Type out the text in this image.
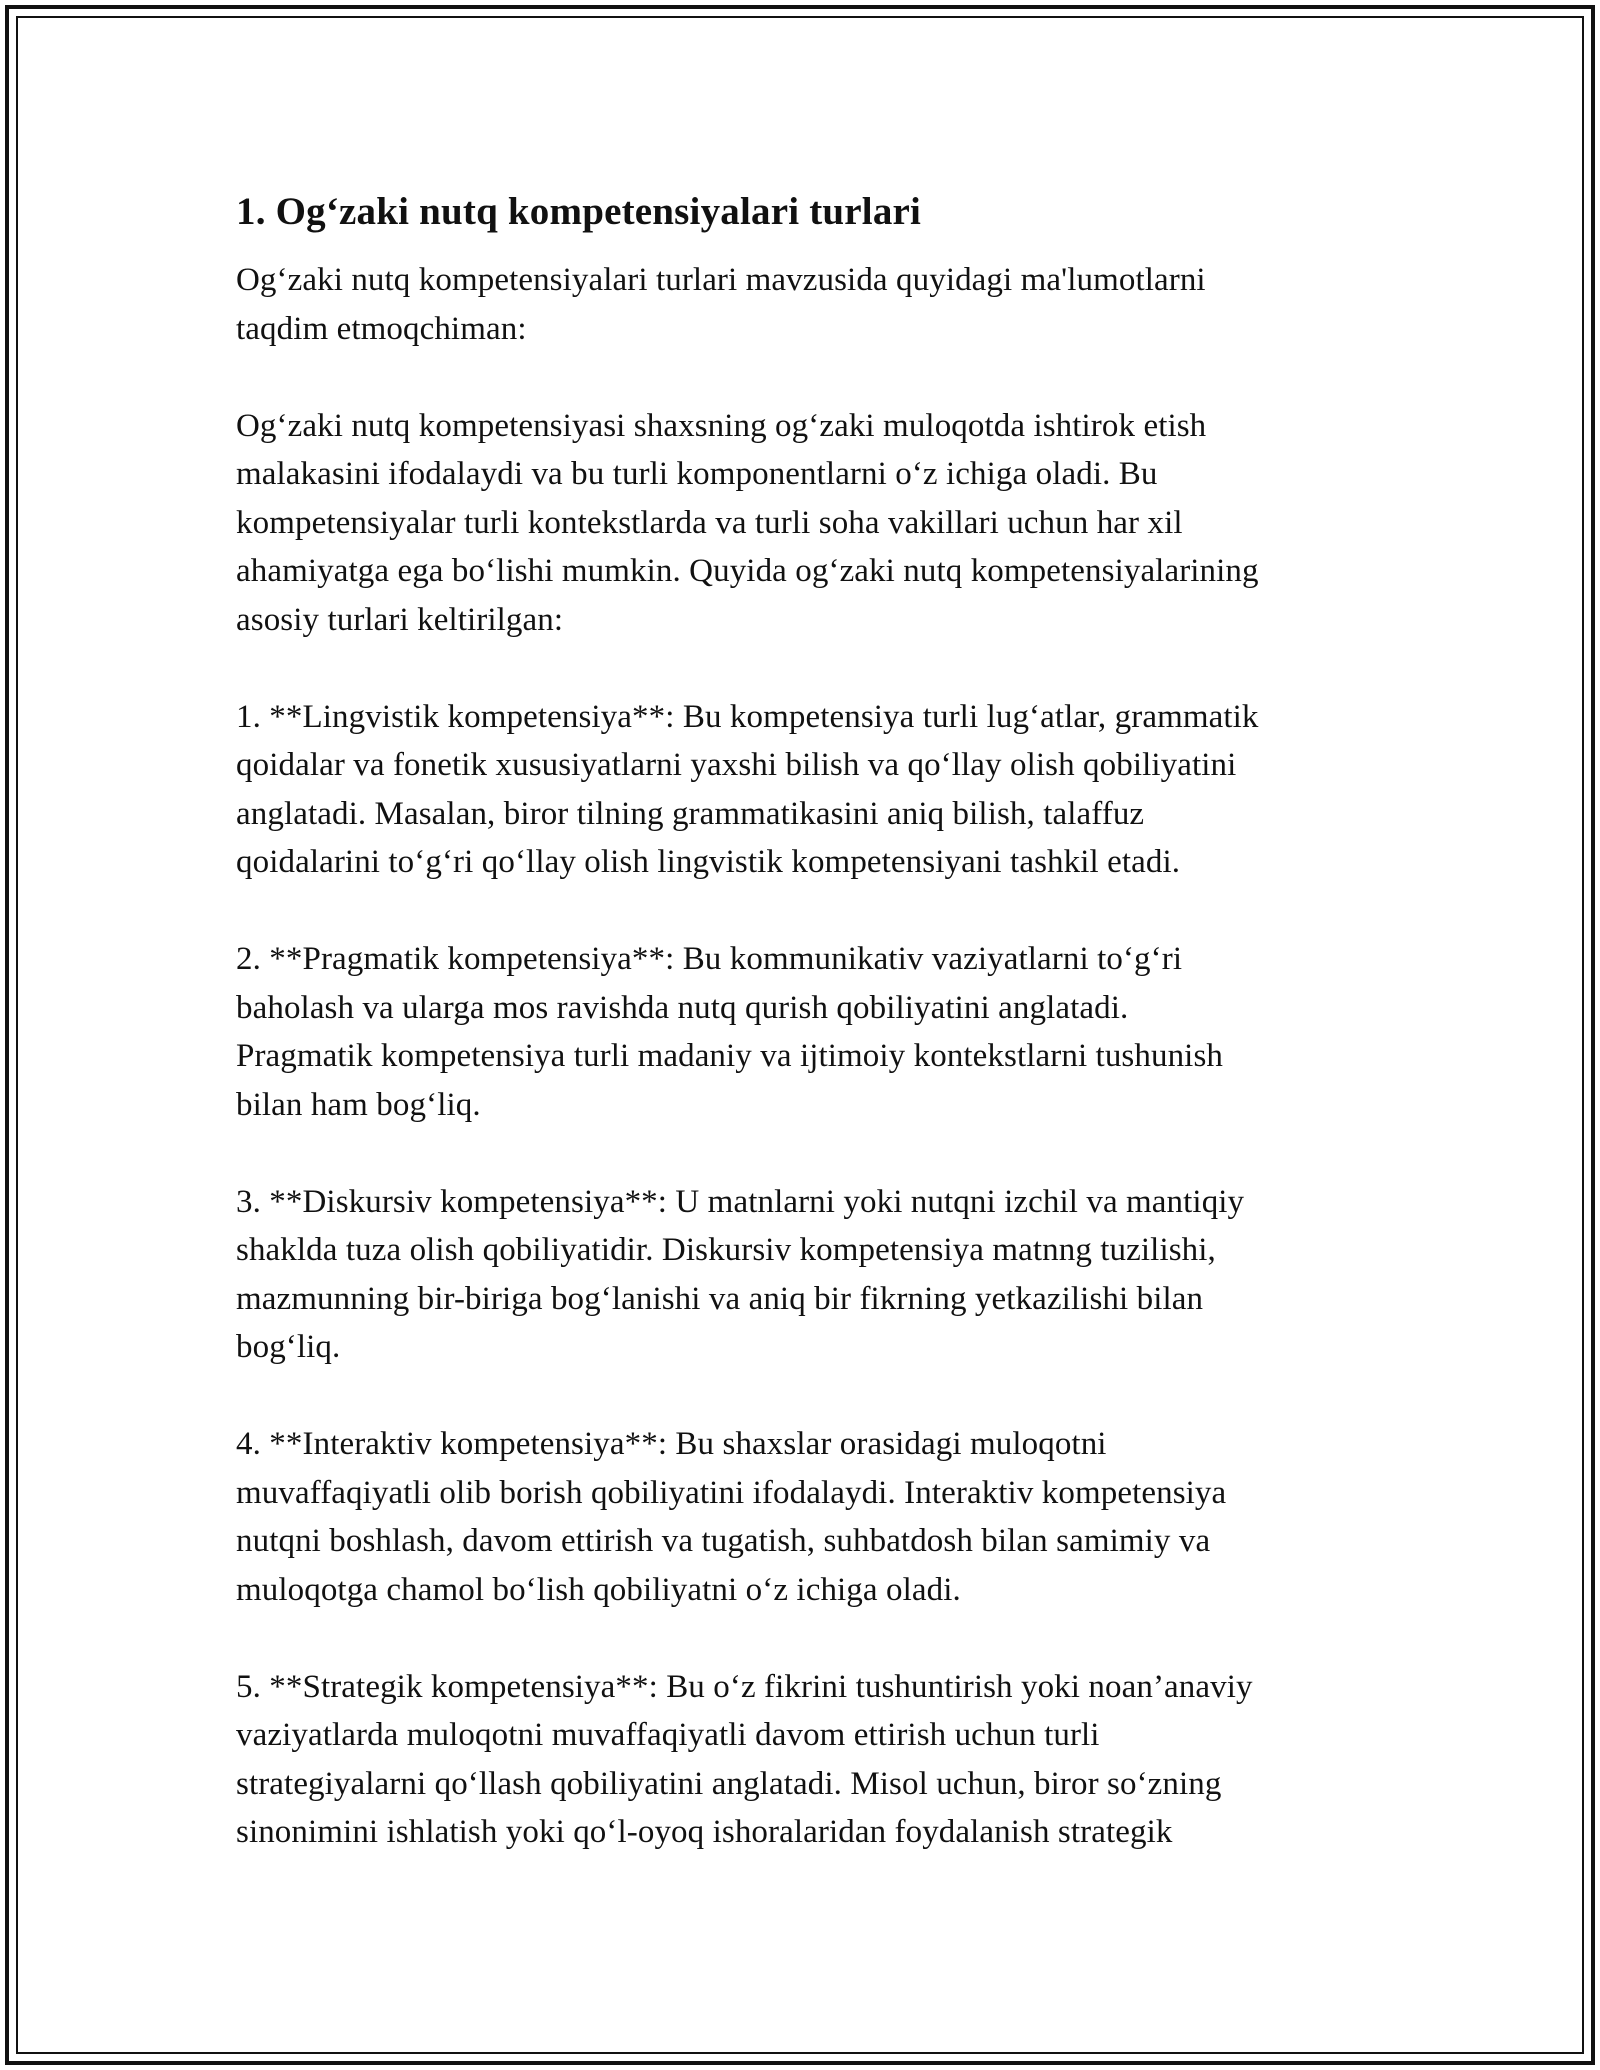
1. Og‘zaki nutq kompetensiyalari turlari

Og‘zaki nutq kompetensiyalari turlari mavzusida quyidagi ma'lumotlarni
taqdim etmoqchiman:

Og‘zaki nutq kompetensiyasi shaxsning og‘zaki muloqotda ishtirok etish
malakasini ifodalaydi va bu turli komponentlarni o‘z ichiga oladi. Bu
kompetensiyalar turli kontekstlarda va turli soha vakillari uchun har xil
ahamiyatga ega bo‘lishi mumkin. Quyida og‘zaki nutq kompetensiyalarining
asosiy turlari keltirilgan:

1. **Lingvistik kompetensiya**: Bu kompetensiya turli lug‘atlar, grammatik
qoidalar va fonetik xususiyatlarni yaxshi bilish va qo‘llay olish qobiliyatini
anglatadi. Masalan, biror tilning grammatikasini aniq bilish, talaffuz
qoidalarini to‘g‘ri qo‘llay olish lingvistik kompetensiyani tashkil etadi.

2. **Pragmatik kompetensiya**: Bu kommunikativ vaziyatlarni to‘g‘ri
baholash va ularga mos ravishda nutq qurish qobiliyatini anglatadi.
Pragmatik kompetensiya turli madaniy va ijtimoiy kontekstlarni tushunish
bilan ham bog‘liq.

3. **Diskursiv kompetensiya**: U matnlarni yoki nutqni izchil va mantiqiy
shaklda tuza olish qobiliyatidir. Diskursiv kompetensiya matnng tuzilishi,
mazmunning bir-biriga bog‘lanishi va aniq bir fikrning yetkazilishi bilan
bog‘liq.

4. **Interaktiv kompetensiya**: Bu shaxslar orasidagi muloqotni
muvaffaqiyatli olib borish qobiliyatini ifodalaydi. Interaktiv kompetensiya
nutqni boshlash, davom ettirish va tugatish, suhbatdosh bilan samimiy va
muloqotga chamol bo‘lish qobiliyatni o‘z ichiga oladi.

5. **Strategik kompetensiya**: Bu o‘z fikrini tushuntirish yoki noan’anaviy
vaziyatlarda muloqotni muvaffaqiyatli davom ettirish uchun turli
strategiyalarni qo‘llash qobiliyatini anglatadi. Misol uchun, biror so‘zning
sinonimini ishlatish yoki qo‘l-oyoq ishoralaridan foydalanish strategik
